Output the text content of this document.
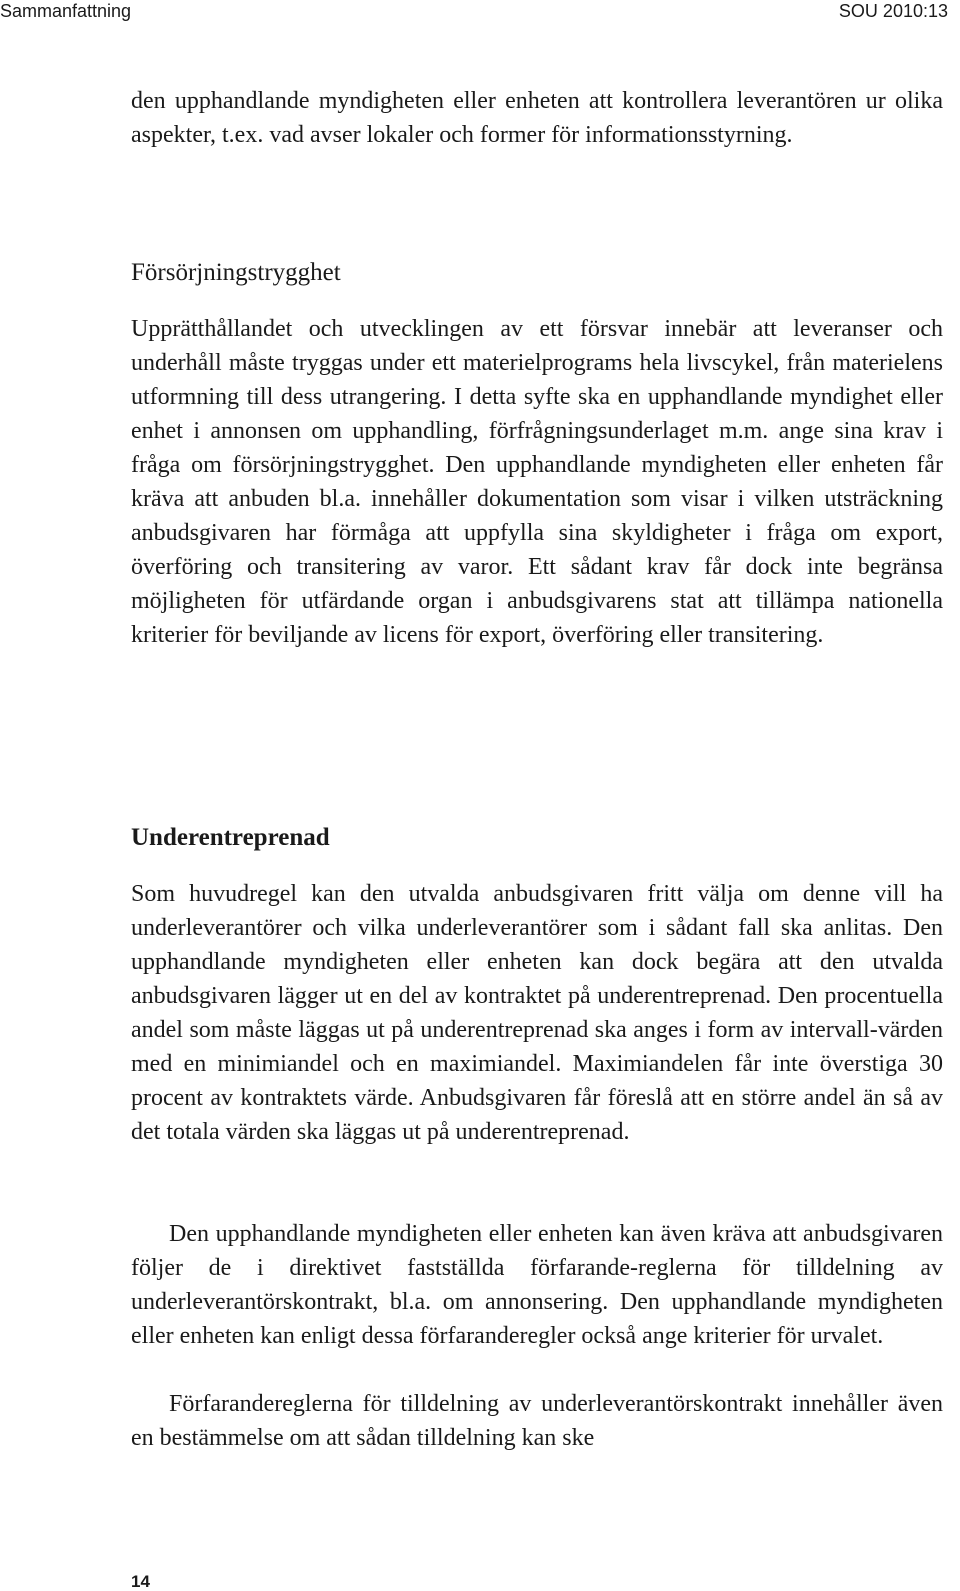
Sammanfattning	SOU 2010:13

den upphandlande myndigheten eller enheten att kontrollera leverantören ur olika aspekter, t.ex. vad avser lokaler och former för informationsstyrning.

Försörjningstrygghet

Upprätthållandet och utvecklingen av ett försvar innebär att leveranser och underhåll måste tryggas under ett materielprograms hela livscykel, från materielens utformning till dess utrangering. I detta syfte ska en upphandlande myndighet eller enhet i annonsen om upphandling, förfrågningsunderlaget m.m. ange sina krav i fråga om försörjningstrygghet. Den upphandlande myndigheten eller enheten får kräva att anbuden bl.a. innehåller dokumentation som visar i vilken utsträckning anbudsgivaren har förmåga att uppfylla sina skyldigheter i fråga om export, överföring och transitering av varor. Ett sådant krav får dock inte begränsa möjligheten för utfärdande organ i anbudsgivarens stat att tillämpa nationella kriterier för beviljande av licens för export, överföring eller transitering.

Underentreprenad

Som huvudregel kan den utvalda anbudsgivaren fritt välja om denne vill ha underleverantörer och vilka underleverantörer som i sådant fall ska anlitas. Den upphandlande myndigheten eller enheten kan dock begära att den utvalda anbudsgivaren lägger ut en del av kontraktet på underentreprenad. Den procentuella andel som måste läggas ut på underentreprenad ska anges i form av intervall-värden med en minimiandel och en maximiandel. Maximiandelen får inte överstiga 30 procent av kontraktets värde. Anbudsgivaren får föreslå att en större andel än så av det totala värden ska läggas ut på underentreprenad.

Den upphandlande myndigheten eller enheten kan även kräva att anbudsgivaren följer de i direktivet fastställda förfarande-reglerna för tilldelning av underleverantörskontrakt, bl.a. om annonsering. Den upphandlande myndigheten eller enheten kan enligt dessa förfaranderegler också ange kriterier för urvalet.

Förfarandereglerna för tilldelning av underleverantörskontrakt innehåller även en bestämmelse om att sådan tilldelning kan ske

14
